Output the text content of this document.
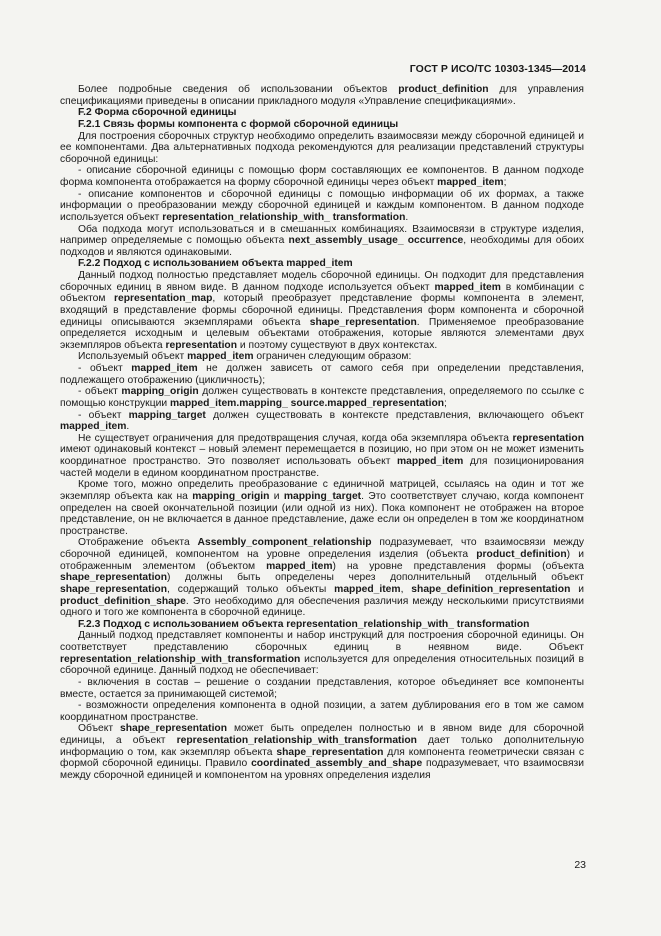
ГОСТ Р ИСО/ТС 10303-1345—2014

Более подробные сведения об использовании объектов product_definition для управления спецификациями приведены в описании прикладного модуля «Управление спецификациями».

F.2 Форма сборочной единицы

F.2.1 Связь формы компонента с формой сборочной единицы

Для построения сборочных структур необходимо определить взаимосвязи между сборочной единицей и ее компонентами. Два альтернативных подхода рекомендуются для реализации представлений структуры сборочной единицы:

- описание сборочной единицы с помощью форм составляющих ее компонентов. В данном подходе форма компонента отображается на форму сборочной единицы через объект mapped_item;

- описание компонентов и сборочной единицы с помощью информации об их формах, а также информации о преобразовании между сборочной единицей и каждым компонентом. В данном подходе используется объект representation_relationship_with_ transformation.

Оба подхода могут использоваться и в смешанных комбинациях. Взаимосвязи в структуре изделия, например определяемые с помощью объекта next_assembly_usage_ occurrence, необходимы для обоих подходов и являются одинаковыми.

F.2.2 Подход с использованием объекта mapped_item

Данный подход полностью представляет модель сборочной единицы. Он подходит для представления сборочных единиц в явном виде. В данном подходе используется объект mapped_item в комбинации с объектом representation_map, который преобразует представление формы компонента в элемент, входящий в представление формы сборочной единицы. Представления форм компонента и сборочной единицы описываются экземплярами объекта shape_representation. Применяемое преобразование определяется исходным и целевым объектами отображения, которые являются элементами двух экземпляров объекта representation и поэтому существуют в двух контекстах.

Используемый объект mapped_item ограничен следующим образом:

- объект mapped_item не должен зависеть от самого себя при определении представления, подлежащего отображению (цикличность);

- объект mapping_origin должен существовать в контексте представления, определяемого по ссылке с помощью конструкции mapped_item.mapping_ source.mapped_representation;

- объект mapping_target должен существовать в контексте представления, включающего объект mapped_item.

Не существует ограничения для предотвращения случая, когда оба экземпляра объекта representation имеют одинаковый контекст – новый элемент перемещается в позицию, но при этом он не может изменить координатное пространство. Это позволяет использовать объект mapped_item для позиционирования частей модели в едином координатном пространстве.

Кроме того, можно определить преобразование с единичной матрицей, ссылаясь на один и тот же экземпляр объекта как на mapping_origin и mapping_target. Это соответствует случаю, когда компонент определен на своей окончательной позиции (или одной из них). Пока компонент не отображен на второе представление, он не включается в данное представление, даже если он определен в том же координатном пространстве.

Отображение объекта Assembly_component_relationship подразумевает, что взаимосвязи между сборочной единицей, компонентом на уровне определения изделия (объекта product_definition) и отображенным элементом (объектом mapped_item) на уровне представления формы (объекта shape_representation) должны быть определены через дополнительный отдельный объект shape_representation, содержащий только объекты mapped_item, shape_definition_representation и product_definition_shape. Это необходимо для обеспечения различия между несколькими присутствиями одного и того же компонента в сборочной единице.

F.2.3 Подход с использованием объекта representation_relationship_with_ transformation

Данный подход представляет компоненты и набор инструкций для построения сборочной единицы. Он соответствует представлению сборочных единиц в неявном виде. Объект representation_relationship_with_transformation используется для определения относительных позиций в сборочной единице. Данный подход не обеспечивает:

- включения в состав – решение о создании представления, которое объединяет все компоненты вместе, остается за принимающей системой;

- возможности определения компонента в одной позиции, а затем дублирования его в том же самом координатном пространстве.

Объект shape_representation может быть определен полностью и в явном виде для сборочной единицы, а объект representation_relationship_with_transformation дает только дополнительную информацию о том, как экземпляр объекта shape_representation для компонента геометрически связан с формой сборочной единицы. Правило coordinated_assembly_and_shape подразумевает, что взаимосвязи между сборочной единицей и компонентом на уровнях определения изделия

23
